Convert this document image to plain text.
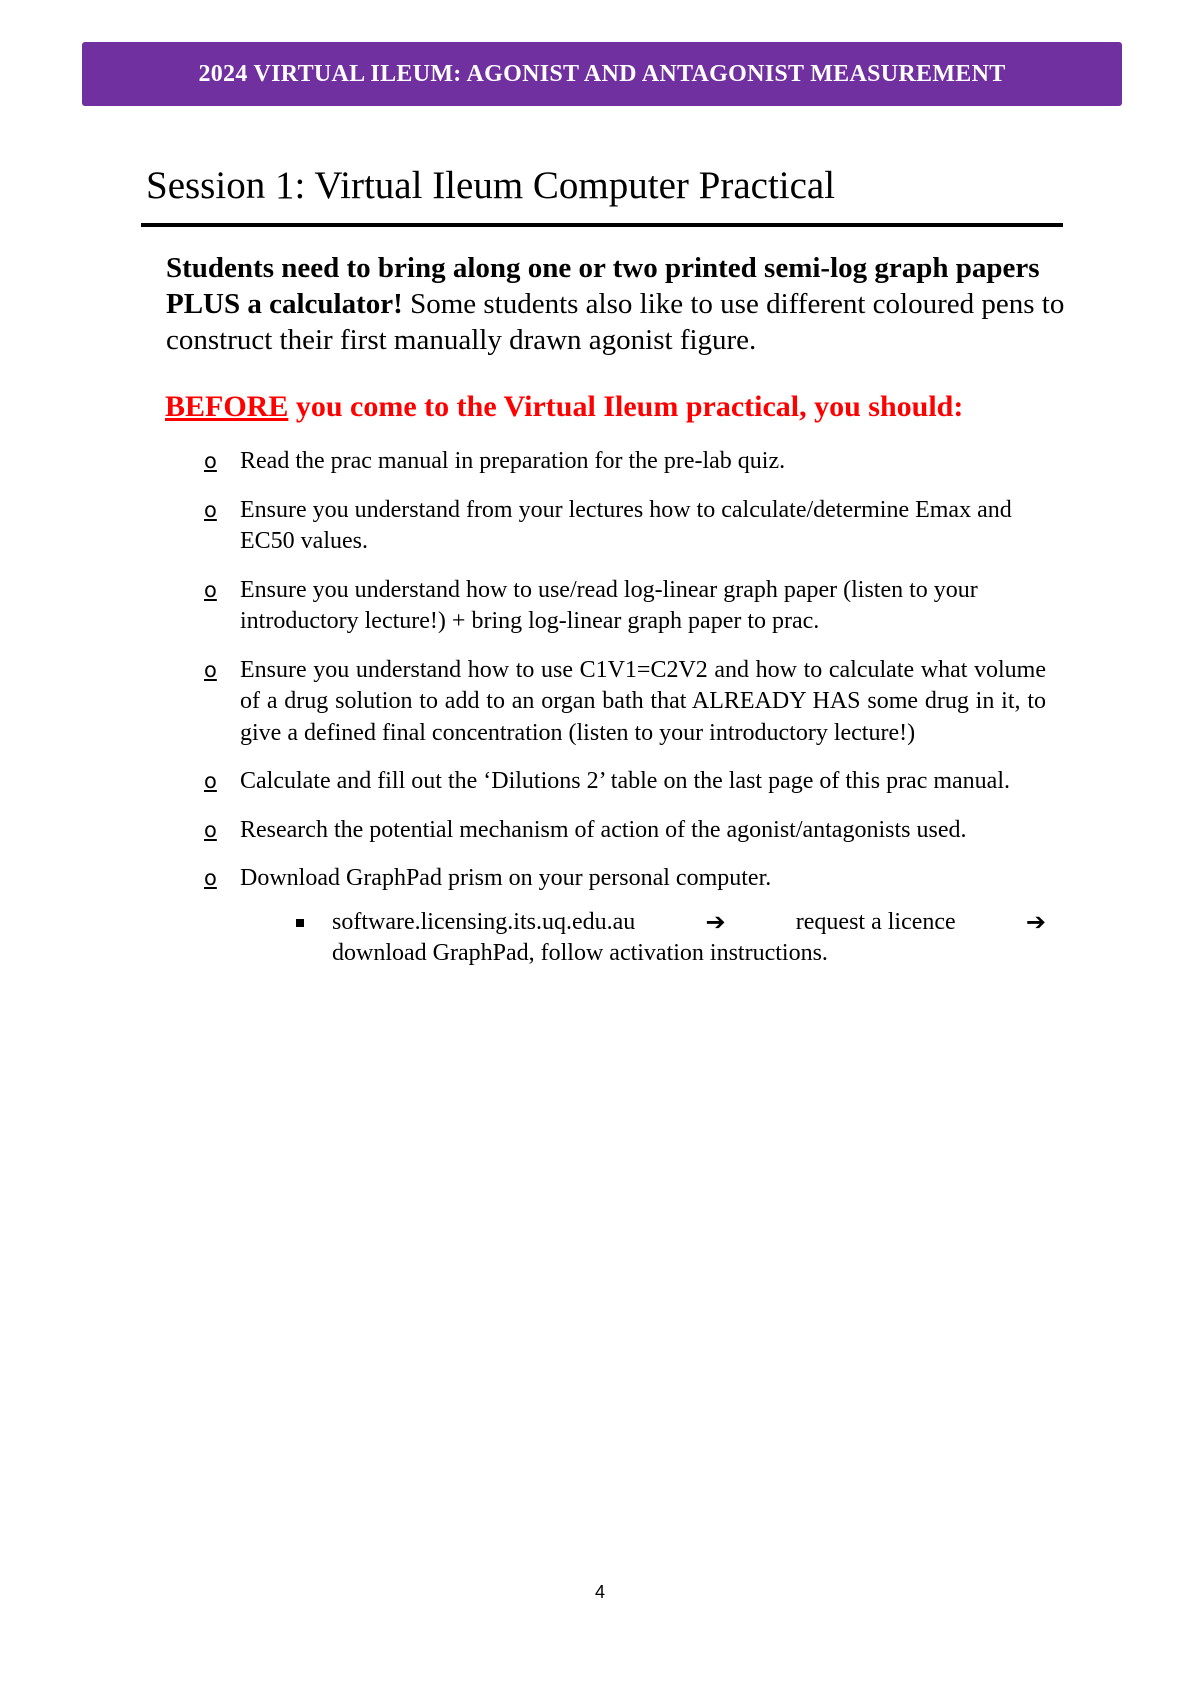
2024 VIRTUAL ILEUM: AGONIST AND ANTAGONIST MEASUREMENT
Session 1: Virtual Ileum Computer Practical
Students need to bring along one or two printed semi-log graph papers PLUS a calculator! Some students also like to use different coloured pens to construct their first manually drawn agonist figure.
BEFORE you come to the Virtual Ileum practical, you should:
o Read the prac manual in preparation for the pre-lab quiz.
o Ensure you understand from your lectures how to calculate/determine Emax and EC50 values.
o Ensure you understand how to use/read log-linear graph paper (listen to your introductory lecture!) + bring log-linear graph paper to prac.
o Ensure you understand how to use C1V1=C2V2 and how to calculate what volume of a drug solution to add to an organ bath that ALREADY HAS some drug in it, to give a defined final concentration (listen to your introductory lecture!)
o Calculate and fill out the ‘Dilutions 2’ table on the last page of this prac manual.
o Research the potential mechanism of action of the agonist/antagonists used.
o Download GraphPad prism on your personal computer.
software.licensing.its.uq.edu.au	➔	request a licence	➔
download GraphPad, follow activation instructions.
4
